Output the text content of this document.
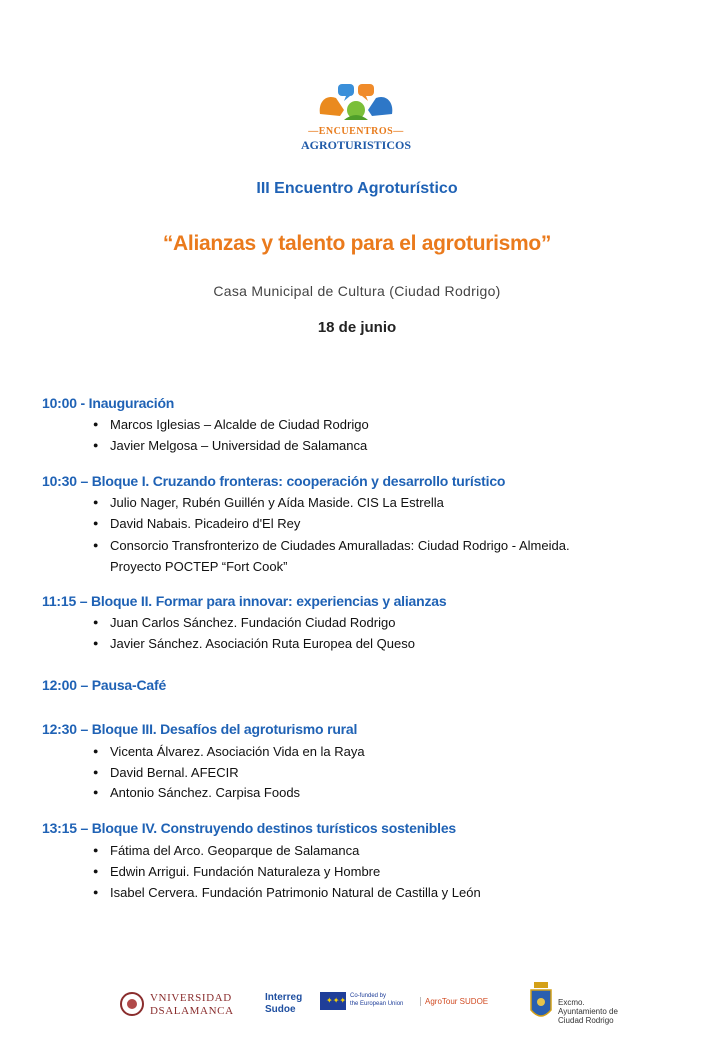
—ENCUENTROS—
AGROTURISTICOS
III Encuentro Agroturístico
“Alianzas y talento para el agroturismo”
Casa Municipal de Cultura (Ciudad Rodrigo)
18 de junio
10:00 - Inauguración
● Marcos Iglesias – Alcalde de Ciudad Rodrigo
● Javier Melgosa – Universidad de Salamanca
10:30 – Bloque I. Cruzando fronteras: cooperación y desarrollo turístico
● Julio Nager, Rubén Guillén y Aída Maside. CIS La Estrella
● David Nabais. Picadeiro d'El Rey
● Consorcio Transfronterizo de Ciudades Amuralladas: Ciudad Rodrigo - Almeida.
Proyecto POCTEP “Fort Cook”
11:15 – Bloque II. Formar para innovar: experiencias y alianzas
● Juan Carlos Sánchez. Fundación Ciudad Rodrigo
● Javier Sánchez. Asociación Ruta Europea del Queso
12:00 – Pausa-Café
12:30 – Bloque III. Desafíos del agroturismo rural
● Vicenta Álvarez. Asociación Vida en la Raya
● David Bernal. AFECIR
● Antonio Sánchez. Carpisa Foods
13:15 – Bloque IV. Construyendo destinos turísticos sostenibles
● Fátima del Arco. Geoparque de Salamanca
● Edwin Arrigui. Fundación Naturaleza y Hombre
● Isabel Cervera. Fundación Patrimonio Natural de Castilla y León
VNIVERSIDAD
DSALAMANCA
Interreg
Sudoe
✦✦✦ Co-funded by
the European Union	AgroTour SUDOE	Excmo.
Ayuntamiento de
Ciudad Rodrigo
